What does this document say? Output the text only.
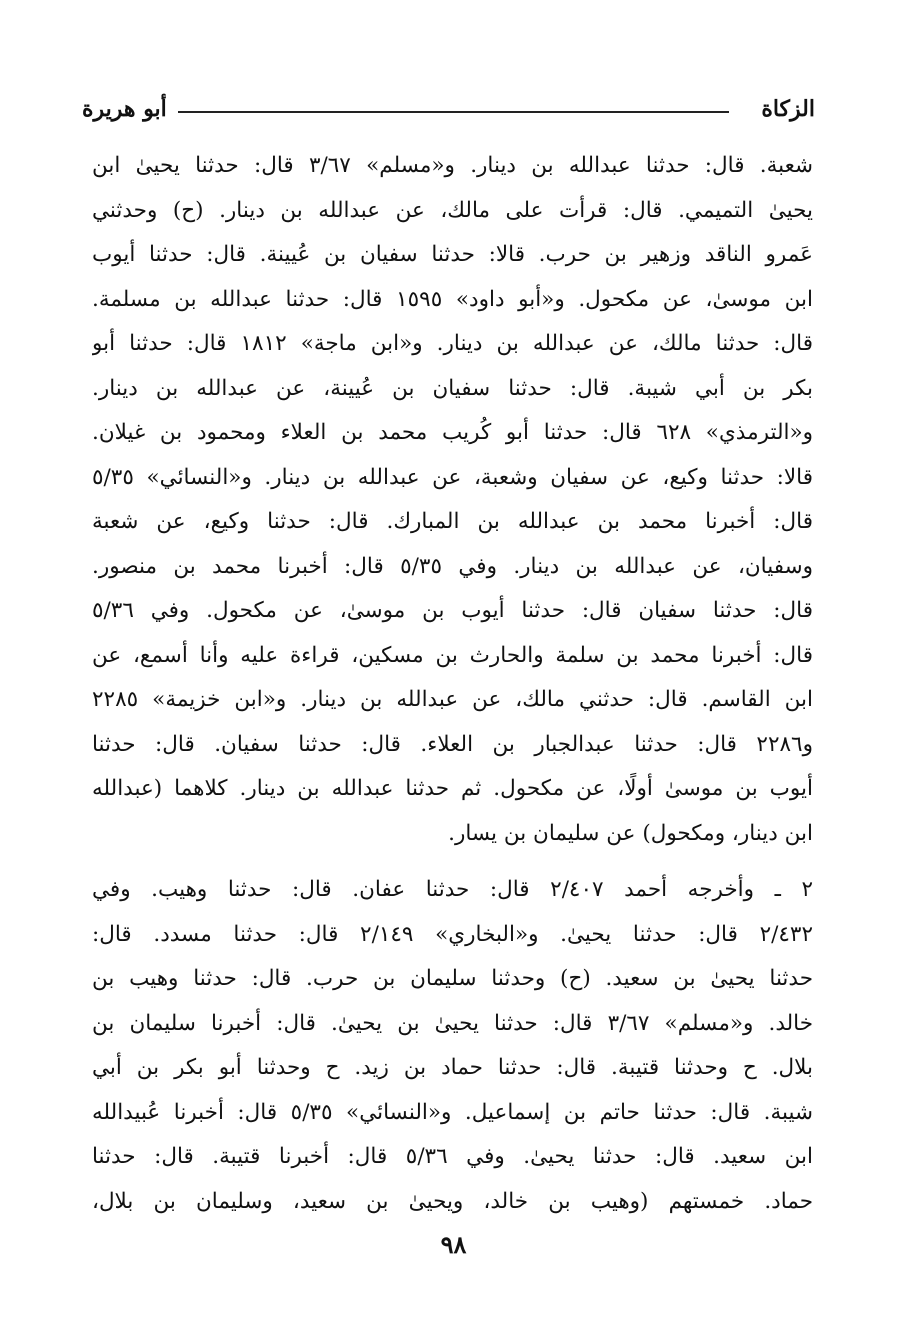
الزكاة
أبو هريرة
شعبة. قال: حدثنا عبدالله بن دينار. و«مسلم» ٣/٦٧ قال: حدثنا يحيىٰ ابن
يحيىٰ التميمي. قال: قرأت على مالك، عن عبدالله بن دينار. (ح) وحدثني
عَمرو الناقد وزهير بن حرب. قالا: حدثنا سفيان بن عُيينة. قال: حدثنا أيوب
ابن موسىٰ، عن مكحول. و«أبو داود» ١٥٩٥ قال: حدثنا عبدالله بن مسلمة.
قال: حدثنا مالك، عن عبدالله بن دينار. و«ابن ماجة» ١٨١٢ قال: حدثنا أبو
بكر بن أبي شيبة. قال: حدثنا سفيان بن عُيينة، عن عبدالله بن دينار.
و«الترمذي» ٦٢٨ قال: حدثنا أبو كُريب محمد بن العلاء ومحمود بن غيلان.
قالا: حدثنا وكيع، عن سفيان وشعبة، عن عبدالله بن دينار. و«النسائي» ٥/٣٥
قال: أخبرنا محمد بن عبدالله بن المبارك. قال: حدثنا وكيع، عن شعبة
وسفيان، عن عبدالله بن دينار. وفي ٥/٣٥ قال: أخبرنا محمد بن منصور.
قال: حدثنا سفيان قال: حدثنا أيوب بن موسىٰ، عن مكحول. وفي ٥/٣٦
قال: أخبرنا محمد بن سلمة والحارث بن مسكين، قراءة عليه وأنا أسمع، عن
ابن القاسم. قال: حدثني مالك، عن عبدالله بن دينار. و«ابن خزيمة» ٢٢٨٥
و٢٢٨٦ قال: حدثنا عبدالجبار بن العلاء. قال: حدثنا سفيان. قال: حدثنا
أيوب بن موسىٰ أولًا، عن مكحول. ثم حدثنا عبدالله بن دينار. كلاهما (عبدالله
ابن دينار، ومكحول) عن سليمان بن يسار.
٢ ـ وأخرجه أحمد ٢/٤٠٧ قال: حدثنا عفان. قال: حدثنا وهيب. وفي
٢/٤٣٢ قال: حدثنا يحيىٰ. و«البخاري» ٢/١٤٩ قال: حدثنا مسدد. قال:
حدثنا يحيىٰ بن سعيد. (ح) وحدثنا سليمان بن حرب. قال: حدثنا وهيب بن
خالد. و«مسلم» ٣/٦٧ قال: حدثنا يحيىٰ بن يحيىٰ. قال: أخبرنا سليمان بن
بلال. ح وحدثنا قتيبة. قال: حدثنا حماد بن زيد. ح وحدثنا أبو بكر بن أبي
شيبة. قال: حدثنا حاتم بن إسماعيل. و«النسائي» ٥/٣٥ قال: أخبرنا عُبيدالله
ابن سعيد. قال: حدثنا يحيىٰ. وفي ٥/٣٦ قال: أخبرنا قتيبة. قال: حدثنا
حماد. خمستهم (وهيب بن خالد، ويحيىٰ بن سعيد، وسليمان بن بلال،
٩٨
